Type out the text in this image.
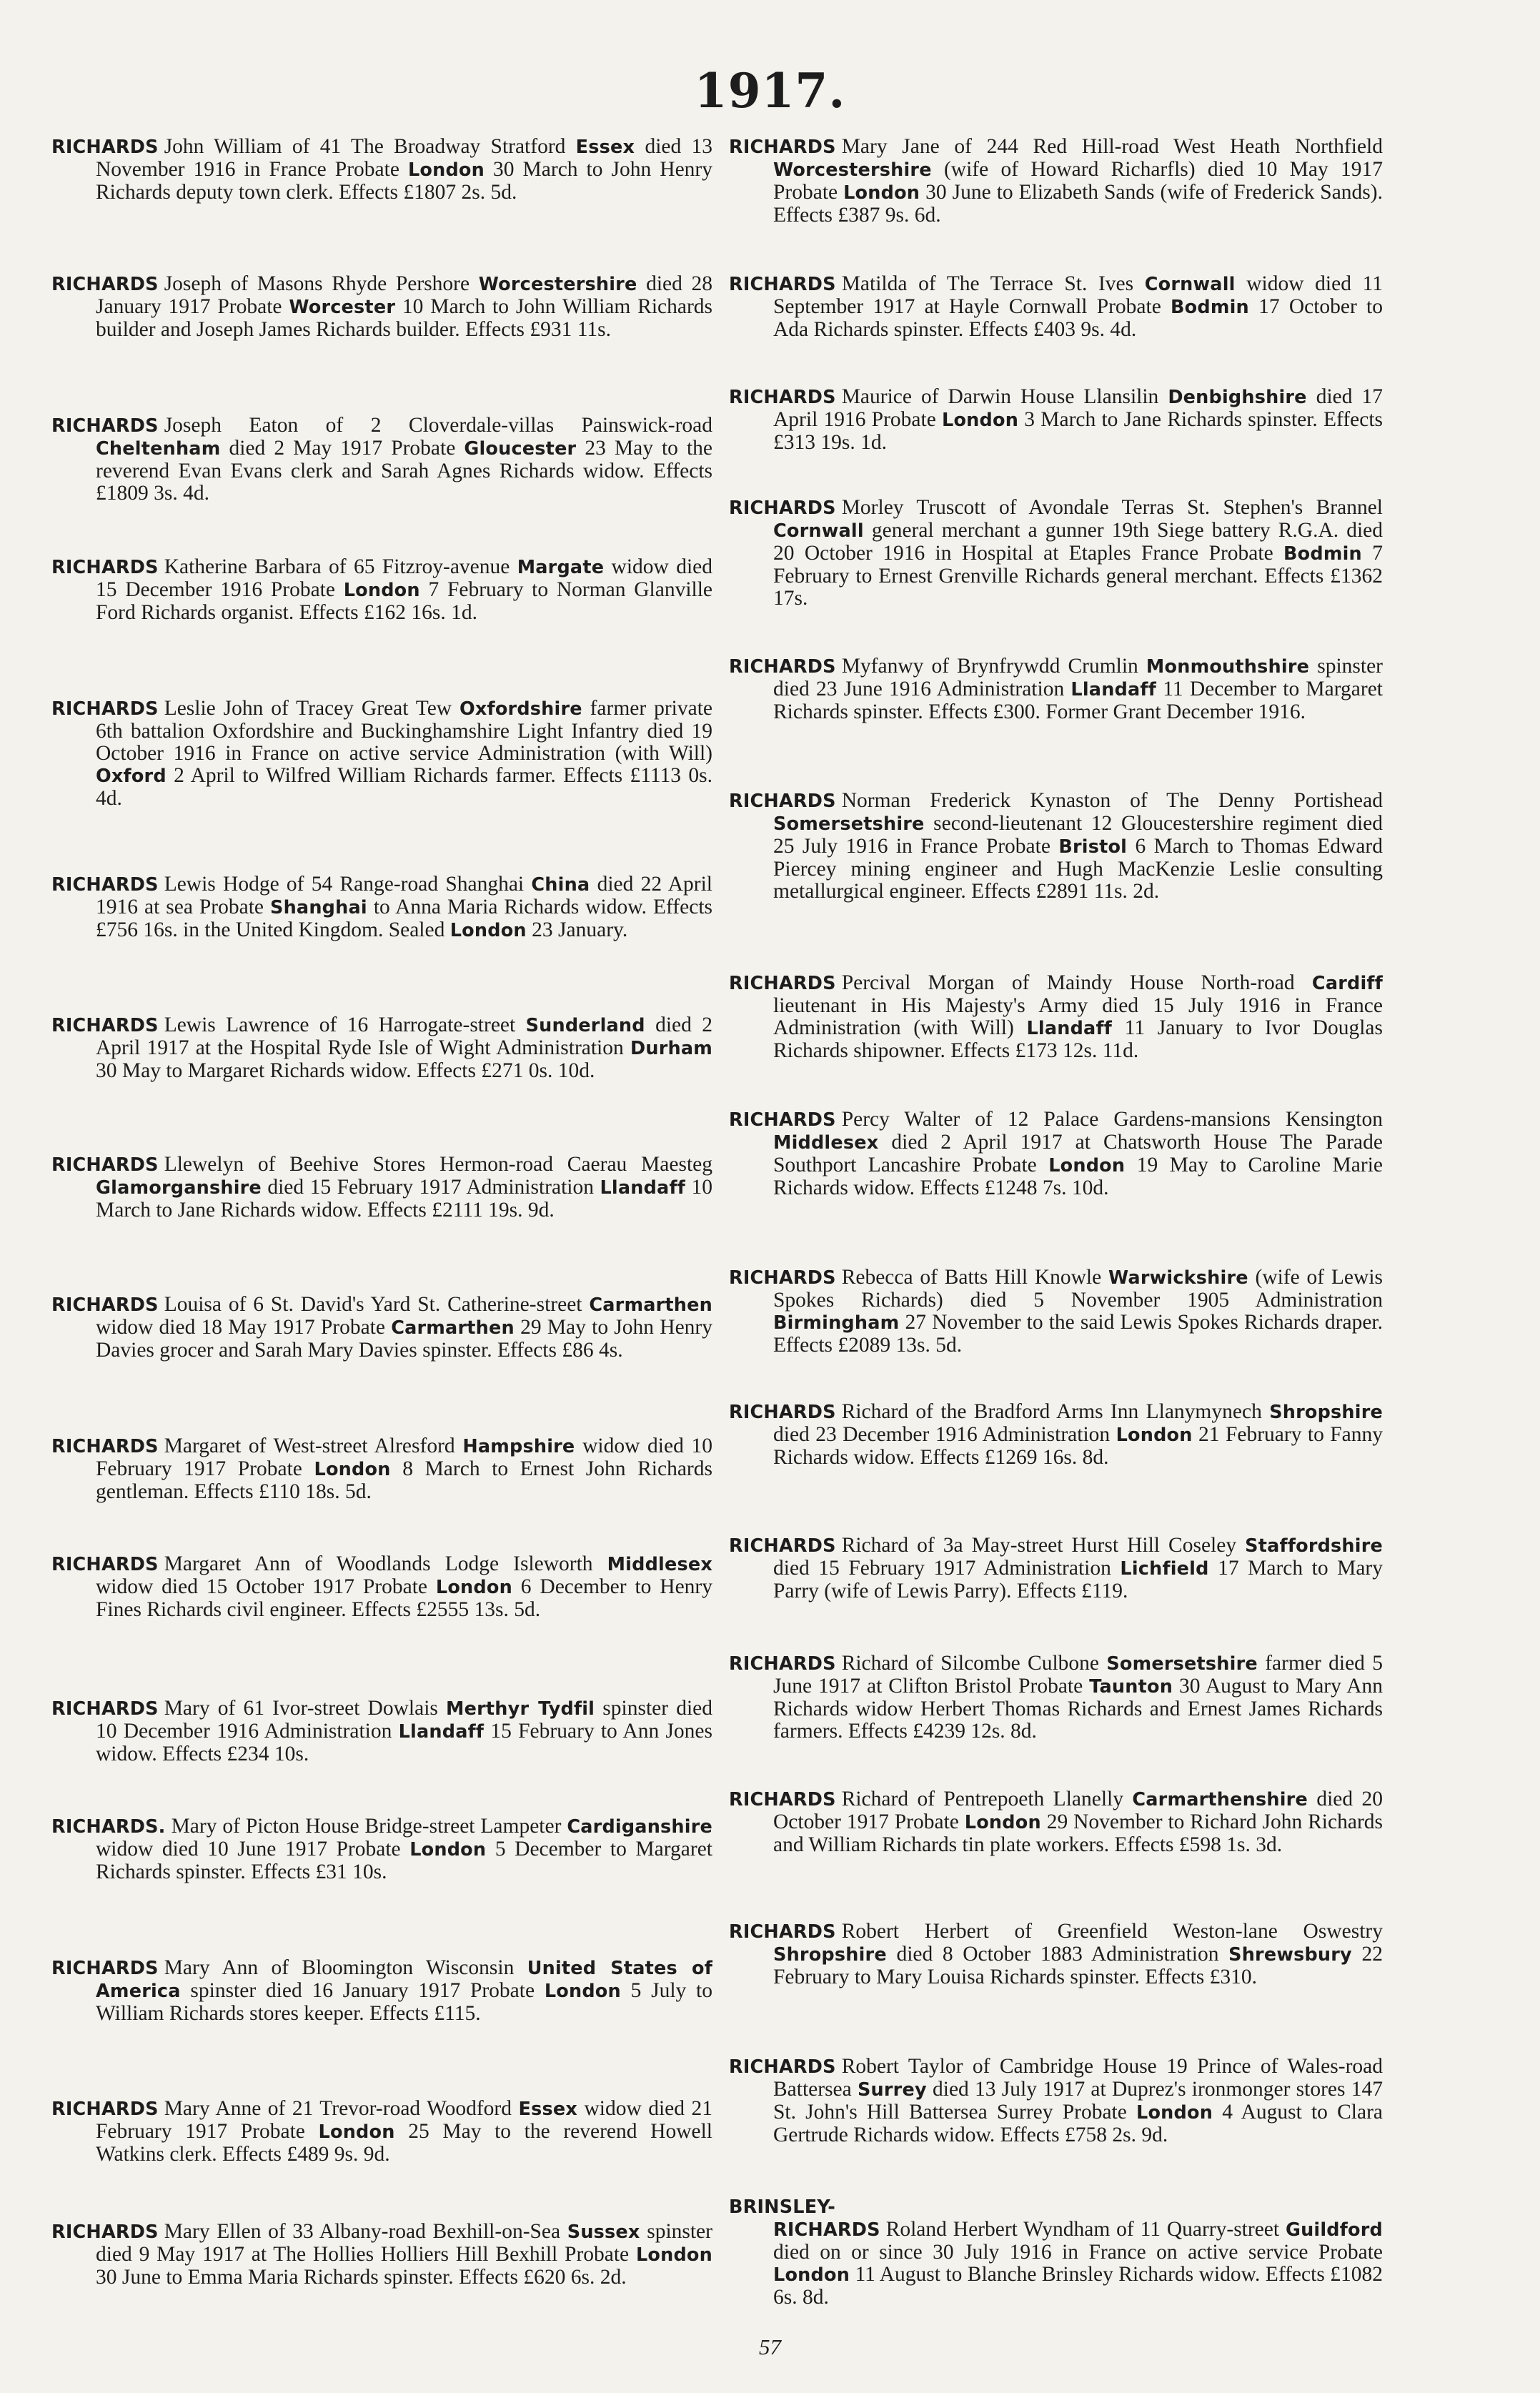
1917.
RICHARDS John William of 41 The Broadway Stratford Essex died 13 November 1916 in France Probate London 30 March to John Henry Richards deputy town clerk. Effects £1807 2s. 5d.
RICHARDS Joseph of Masons Rhyde Pershore Worcestershire died 28 January 1917 Probate Worcester 10 March to John William Richards builder and Joseph James Richards builder. Effects £931 11s.
RICHARDS Joseph Eaton of 2 Cloverdale-villas Painswick-road Cheltenham died 2 May 1917 Probate Gloucester 23 May to the reverend Evan Evans clerk and Sarah Agnes Richards widow. Effects £1809 3s. 4d.
RICHARDS Katherine Barbara of 65 Fitzroy-avenue Margate widow died 15 December 1916 Probate London 7 February to Norman Glanville Ford Richards organist. Effects £162 16s. 1d.
RICHARDS Leslie John of Tracey Great Tew Oxfordshire farmer private 6th battalion Oxfordshire and Buckinghamshire Light Infantry died 19 October 1916 in France on active service Administration (with Will) Oxford 2 April to Wilfred William Richards farmer. Effects £1113 0s. 4d.
RICHARDS Lewis Hodge of 54 Range-road Shanghai China died 22 April 1916 at sea Probate Shanghai to Anna Maria Richards widow. Effects £756 16s. in the United Kingdom. Sealed London 23 January.
RICHARDS Lewis Lawrence of 16 Harrogate-street Sunderland died 2 April 1917 at the Hospital Ryde Isle of Wight Administration Durham 30 May to Margaret Richards widow. Effects £271 0s. 10d.
RICHARDS Llewelyn of Beehive Stores Hermon-road Caerau Maesteg Glamorganshire died 15 February 1917 Administration Llandaff 10 March to Jane Richards widow. Effects £2111 19s. 9d.
RICHARDS Louisa of 6 St. David's Yard St. Catherine-street Carmarthen widow died 18 May 1917 Probate Carmarthen 29 May to John Henry Davies grocer and Sarah Mary Davies spinster. Effects £86 4s.
RICHARDS Margaret of West-street Alresford Hampshire widow died 10 February 1917 Probate London 8 March to Ernest John Richards gentleman. Effects £110 18s. 5d.
RICHARDS Margaret Ann of Woodlands Lodge Isleworth Middlesex widow died 15 October 1917 Probate London 6 December to Henry Fines Richards civil engineer. Effects £2555 13s. 5d.
RICHARDS Mary of 61 Ivor-street Dowlais Merthyr Tydfil spinster died 10 December 1916 Administration Llandaff 15 February to Ann Jones widow. Effects £234 10s.
RICHARDS. Mary of Picton House Bridge-street Lampeter Cardiganshire widow died 10 June 1917 Probate London 5 December to Margaret Richards spinster. Effects £31 10s.
RICHARDS Mary Ann of Bloomington Wisconsin United States of America spinster died 16 January 1917 Probate London 5 July to William Richards stores keeper. Effects £115.
RICHARDS Mary Anne of 21 Trevor-road Woodford Essex widow died 21 February 1917 Probate London 25 May to the reverend Howell Watkins clerk. Effects £489 9s. 9d.
RICHARDS Mary Ellen of 33 Albany-road Bexhill-on-Sea Sussex spinster died 9 May 1917 at The Hollies Holliers Hill Bexhill Probate London 30 June to Emma Maria Richards spinster. Effects £620 6s. 2d.
RICHARDS Mary Jane of 244 Red Hill-road West Heath Northfield Worcestershire (wife of Howard Richarfls) died 10 May 1917 Probate London 30 June to Elizabeth Sands (wife of Frederick Sands). Effects £387 9s. 6d.
RICHARDS Matilda of The Terrace St. Ives Cornwall widow died 11 September 1917 at Hayle Cornwall Probate Bodmin 17 October to Ada Richards spinster. Effects £403 9s. 4d.
RICHARDS Maurice of Darwin House Llansilin Denbighshire died 17 April 1916 Probate London 3 March to Jane Richards spinster. Effects £313 19s. 1d.
RICHARDS Morley Truscott of Avondale Terras St. Stephen's Brannel Cornwall general merchant a gunner 19th Siege battery R.G.A. died 20 October 1916 in Hospital at Etaples France Probate Bodmin 7 February to Ernest Grenville Richards general merchant. Effects £1362 17s.
RICHARDS Myfanwy of Brynfrywdd Crumlin Monmouthshire spinster died 23 June 1916 Administration Llandaff 11 December to Margaret Richards spinster. Effects £300. Former Grant December 1916.
RICHARDS Norman Frederick Kynaston of The Denny Portishead Somersetshire second-lieutenant 12 Gloucestershire regiment died 25 July 1916 in France Probate Bristol 6 March to Thomas Edward Piercey mining engineer and Hugh MacKenzie Leslie consulting metallurgical engineer. Effects £2891 11s. 2d.
RICHARDS Percival Morgan of Maindy House North-road Cardiff lieutenant in His Majesty's Army died 15 July 1916 in France Administration (with Will) Llandaff 11 January to Ivor Douglas Richards shipowner. Effects £173 12s. 11d.
RICHARDS Percy Walter of 12 Palace Gardens-mansions Kensington Middlesex died 2 April 1917 at Chatsworth House The Parade Southport Lancashire Probate London 19 May to Caroline Marie Richards widow. Effects £1248 7s. 10d.
RICHARDS Rebecca of Batts Hill Knowle Warwickshire (wife of Lewis Spokes Richards) died 5 November 1905 Administration Birmingham 27 November to the said Lewis Spokes Richards draper. Effects £2089 13s. 5d.
RICHARDS Richard of the Bradford Arms Inn Llanymynech Shropshire died 23 December 1916 Administration London 21 February to Fanny Richards widow. Effects £1269 16s. 8d.
RICHARDS Richard of 3a May-street Hurst Hill Coseley Staffordshire died 15 February 1917 Administration Lichfield 17 March to Mary Parry (wife of Lewis Parry). Effects £119.
RICHARDS Richard of Silcombe Culbone Somersetshire farmer died 5 June 1917 at Clifton Bristol Probate Taunton 30 August to Mary Ann Richards widow Herbert Thomas Richards and Ernest James Richards farmers. Effects £4239 12s. 8d.
RICHARDS Richard of Pentrepoeth Llanelly Carmarthenshire died 20 October 1917 Probate London 29 November to Richard John Richards and William Richards tin plate workers. Effects £598 1s. 3d.
RICHARDS Robert Herbert of Greenfield Weston-lane Oswestry Shropshire died 8 October 1883 Administration Shrewsbury 22 February to Mary Louisa Richards spinster. Effects £310.
RICHARDS Robert Taylor of Cambridge House 19 Prince of Wales-road Battersea Surrey died 13 July 1917 at Duprez's ironmonger stores 147 St. John's Hill Battersea Surrey Probate London 4 August to Clara Gertrude Richards widow. Effects £758 2s. 9d.
BRINSLEY-
RICHARDS Roland Herbert Wyndham of 11 Quarry-street Guildford died on or since 30 July 1916 in France on active service Probate London 11 August to Blanche Brinsley Richards widow. Effects £1082 6s. 8d.
57
